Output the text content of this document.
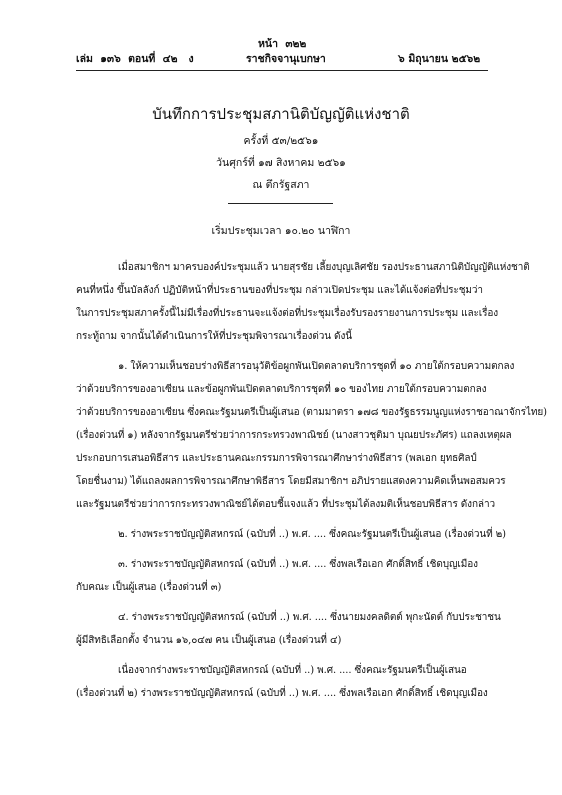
หน้า ๓๒๒
เล่ม ๑๓๖ ตอนที่ ๔๒ ง	ราชกิจจานุเบกษา	๖ มิถุนายน ๒๕๖๒
บันทึกการประชุมสภานิติบัญญัติแห่งชาติ
ครั้งที่ ๕๓/๒๕๖๑
วันศุกร์ที่ ๑๗ สิงหาคม ๒๕๖๑
ณ ตึกรัฐสภา
เริ่มประชุมเวลา ๑๐.๒๐ นาฬิกา
เมื่อสมาชิกฯ มาครบองค์ประชุมแล้ว นายสุรชัย เลี้ยงบุญเลิศชัย รองประธานสภานิติบัญญัติแห่งชาติ
คนที่หนึ่ง ขึ้นบัลลังก์ ปฏิบัติหน้าที่ประธานของที่ประชุม กล่าวเปิดประชุม และได้แจ้งต่อที่ประชุมว่า
ในการประชุมสภาครั้งนี้ไม่มีเรื่องที่ประธานจะแจ้งต่อที่ประชุมเรื่องรับรองรายงานการประชุม และเรื่อง
กระทู้ถาม จากนั้นได้ดำเนินการให้ที่ประชุมพิจารณาเรื่องด่วน ดังนี้
๑. ให้ความเห็นชอบร่างพิธีสารอนุวัติข้อผูกพันเปิดตลาดบริการชุดที่ ๑๐ ภายใต้กรอบความตกลง
ว่าด้วยบริการของอาเซียน และข้อผูกพันเปิดตลาดบริการชุดที่ ๑๐ ของไทย ภายใต้กรอบความตกลง
ว่าด้วยบริการของอาเซียน ซึ่งคณะรัฐมนตรีเป็นผู้เสนอ (ตามมาตรา ๑๗๘ ของรัฐธรรมนูญแห่งราชอาณาจักรไทย)
(เรื่องด่วนที่ ๑) หลังจากรัฐมนตรีช่วยว่าการกระทรวงพาณิชย์ (นางสาวชุติมา บุณยประภัศร) แถลงเหตุผล
ประกอบการเสนอพิธีสาร และประธานคณะกรรมการพิจารณาศึกษาร่างพิธีสาร (พลเอก ยุทธศิลป์
โดยชื่นงาม) ได้แถลงผลการพิจารณาศึกษาพิธีสาร โดยมีสมาชิกฯ อภิปรายแสดงความคิดเห็นพอสมควร
และรัฐมนตรีช่วยว่าการกระทรวงพาณิชย์ได้ตอบชี้แจงแล้ว ที่ประชุมได้ลงมติเห็นชอบพิธีสาร ดังกล่าว
๒. ร่างพระราชบัญญัติสหกรณ์ (ฉบับที่ ..) พ.ศ. .... ซึ่งคณะรัฐมนตรีเป็นผู้เสนอ (เรื่องด่วนที่ ๒)
๓. ร่างพระราชบัญญัติสหกรณ์ (ฉบับที่ ..) พ.ศ. .... ซึ่งพลเรือเอก ศักดิ์สิทธิ์ เชิดบุญเมือง
กับคณะ เป็นผู้เสนอ (เรื่องด่วนที่ ๓)
๔. ร่างพระราชบัญญัติสหกรณ์ (ฉบับที่ ..) พ.ศ. .... ซึ่งนายมงคลดิตต์ พุกะนัดต์ กับประชาชน
ผู้มีสิทธิเลือกตั้ง จำนวน ๑๖,๐๔๗ คน เป็นผู้เสนอ (เรื่องด่วนที่ ๔)
เนื่องจากร่างพระราชบัญญัติสหกรณ์ (ฉบับที่ ..) พ.ศ. .... ซึ่งคณะรัฐมนตรีเป็นผู้เสนอ
(เรื่องด่วนที่ ๒) ร่างพระราชบัญญัติสหกรณ์ (ฉบับที่ ..) พ.ศ. .... ซึ่งพลเรือเอก ศักดิ์สิทธิ์ เชิดบุญเมือง
